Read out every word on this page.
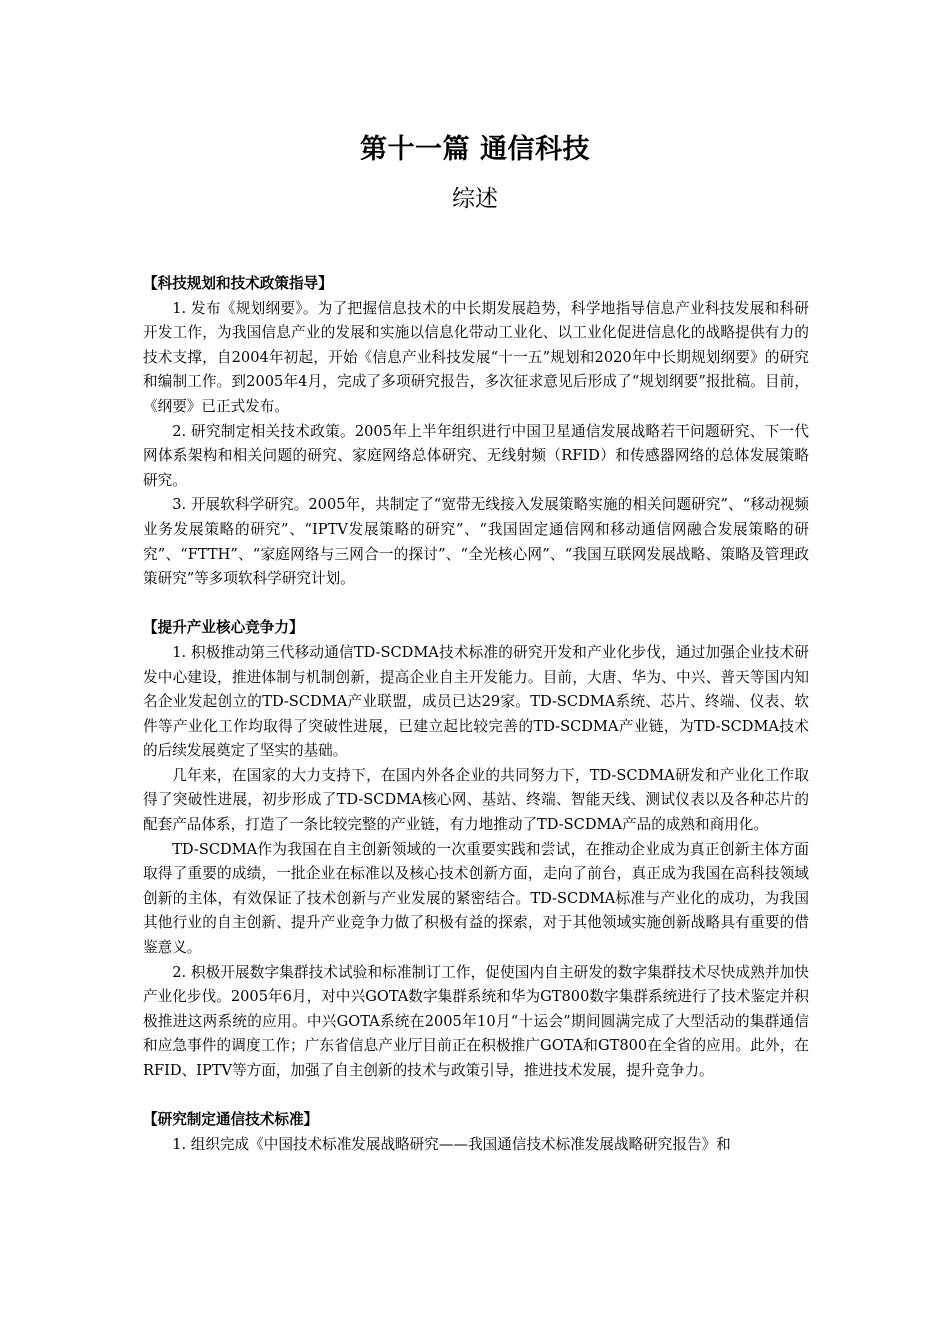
第十一篇 通信科技
综述

【科技规划和技术政策指导】

1. 发布《规划纲要》。为了把握信息技术的中长期发展趋势，科学地指导信息产业科技发展和科研开发工作，为我国信息产业的发展和实施以信息化带动工业化、以工业化促进信息化的战略提供有力的技术支撑，自2004年初起，开始《信息产业科技发展“十一五”规划和2020年中长期规划纲要》的研究和编制工作。到2005年4月，完成了多项研究报告，多次征求意见后形成了“规划纲要”报批稿。目前，《纲要》已正式发布。

2. 研究制定相关技术政策。2005年上半年组织进行中国卫星通信发展战略若干问题研究、下一代网体系架构和相关问题的研究、家庭网络总体研究、无线射频（RFID）和传感器网络的总体发展策略研究。

3. 开展软科学研究。2005年，共制定了“宽带无线接入发展策略实施的相关问题研究”、“移动视频业务发展策略的研究”、“IPTV发展策略的研究”、“我国固定通信网和移动通信网融合发展策略的研究”、“FTTH”、“家庭网络与三网合一的探讨”、“全光核心网”、“我国互联网发展战略、策略及管理政策研究”等多项软科学研究计划。

【提升产业核心竞争力】

1. 积极推动第三代移动通信TD-SCDMA技术标准的研究开发和产业化步伐，通过加强企业技术研发中心建设，推进体制与机制创新，提高企业自主开发能力。目前，大唐、华为、中兴、普天等国内知名企业发起创立的TD-SCDMA产业联盟，成员已达29家。TD-SCDMA系统、芯片、终端、仪表、软件等产业化工作均取得了突破性进展，已建立起比较完善的TD-SCDMA产业链，为TD-SCDMA技术的后续发展奠定了坚实的基础。

几年来，在国家的大力支持下，在国内外各企业的共同努力下，TD-SCDMA研发和产业化工作取得了突破性进展，初步形成了TD-SCDMA核心网、基站、终端、智能天线、测试仪表以及各种芯片的配套产品体系，打造了一条比较完整的产业链，有力地推动了TD-SCDMA产品的成熟和商用化。

TD-SCDMA作为我国在自主创新领域的一次重要实践和尝试，在推动企业成为真正创新主体方面取得了重要的成绩，一批企业在标准以及核心技术创新方面，走向了前台，真正成为我国在高科技领域创新的主体，有效保证了技术创新与产业发展的紧密结合。TD-SCDMA标准与产业化的成功，为我国其他行业的自主创新、提升产业竞争力做了积极有益的探索，对于其他领域实施创新战略具有重要的借鉴意义。

2. 积极开展数字集群技术试验和标准制订工作，促使国内自主研发的数字集群技术尽快成熟并加快产业化步伐。2005年6月，对中兴GOTA数字集群系统和华为GT800数字集群系统进行了技术鉴定并积极推进这两系统的应用。中兴GOTA系统在2005年10月“十运会”期间圆满完成了大型活动的集群通信和应急事件的调度工作；广东省信息产业厅目前正在积极推广GOTA和GT800在全省的应用。此外，在RFID、IPTV等方面，加强了自主创新的技术与政策引导，推进技术发展，提升竞争力。

【研究制定通信技术标准】

1. 组织完成《中国技术标准发展战略研究——我国通信技术标准发展战略研究报告》和
